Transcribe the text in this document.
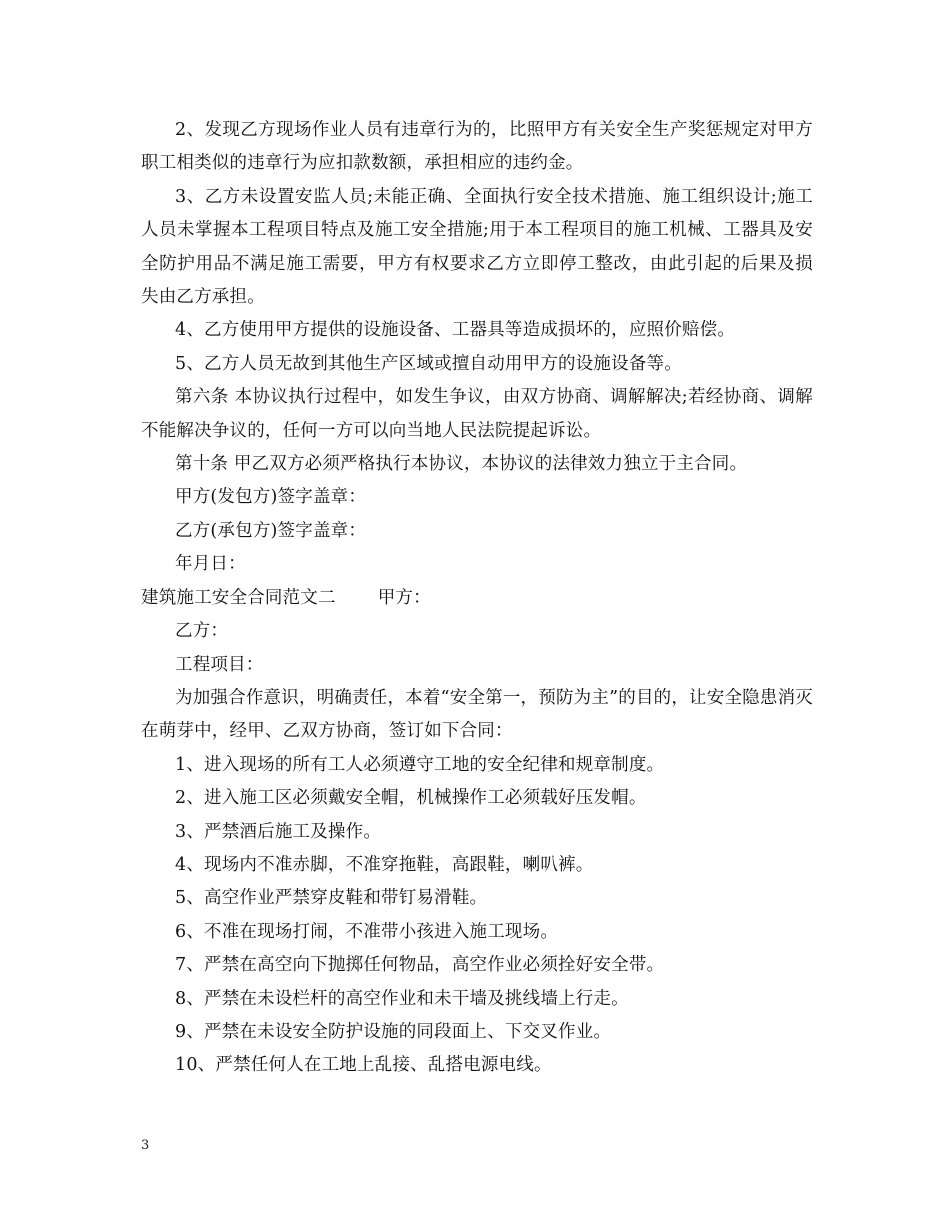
2、发现乙方现场作业人员有违章行为的，比照甲方有关安全生产奖惩规定对甲方职工相类似的违章行为应扣款数额，承担相应的违约金。

3、乙方未设置安监人员;未能正确、全面执行安全技术措施、施工组织设计;施工人员未掌握本工程项目特点及施工安全措施;用于本工程项目的施工机械、工器具及安全防护用品不满足施工需要，甲方有权要求乙方立即停工整改，由此引起的后果及损失由乙方承担。

4、乙方使用甲方提供的设施设备、工器具等造成损坏的，应照价赔偿。

5、乙方人员无故到其他生产区域或擅自动用甲方的设施设备等。

第六条 本协议执行过程中，如发生争议，由双方协商、调解解决;若经协商、调解不能解决争议的，任何一方可以向当地人民法院提起诉讼。

第十条 甲乙双方必须严格执行本协议，本协议的法律效力独立于主合同。

甲方(发包方)签字盖章：

乙方(承包方)签字盖章：

年月日：

建筑施工安全合同范文二 甲方：

乙方：

工程项目：

为加强合作意识，明确责任，本着“安全第一，预防为主”的目的，让安全隐患消灭在萌芽中，经甲、乙双方协商，签订如下合同：

1、进入现场的所有工人必须遵守工地的安全纪律和规章制度。

2、进入施工区必须戴安全帽，机械操作工必须载好压发帽。

3、严禁酒后施工及操作。

4、现场内不准赤脚，不准穿拖鞋，高跟鞋，喇叭裤。

5、高空作业严禁穿皮鞋和带钉易滑鞋。

6、不准在现场打闹，不准带小孩进入施工现场。

7、严禁在高空向下抛掷任何物品，高空作业必须拴好安全带。

8、严禁在未设栏杆的高空作业和未干墙及挑线墙上行走。

9、严禁在未设安全防护设施的同段面上、下交叉作业。

10、严禁任何人在工地上乱接、乱搭电源电线。

3
